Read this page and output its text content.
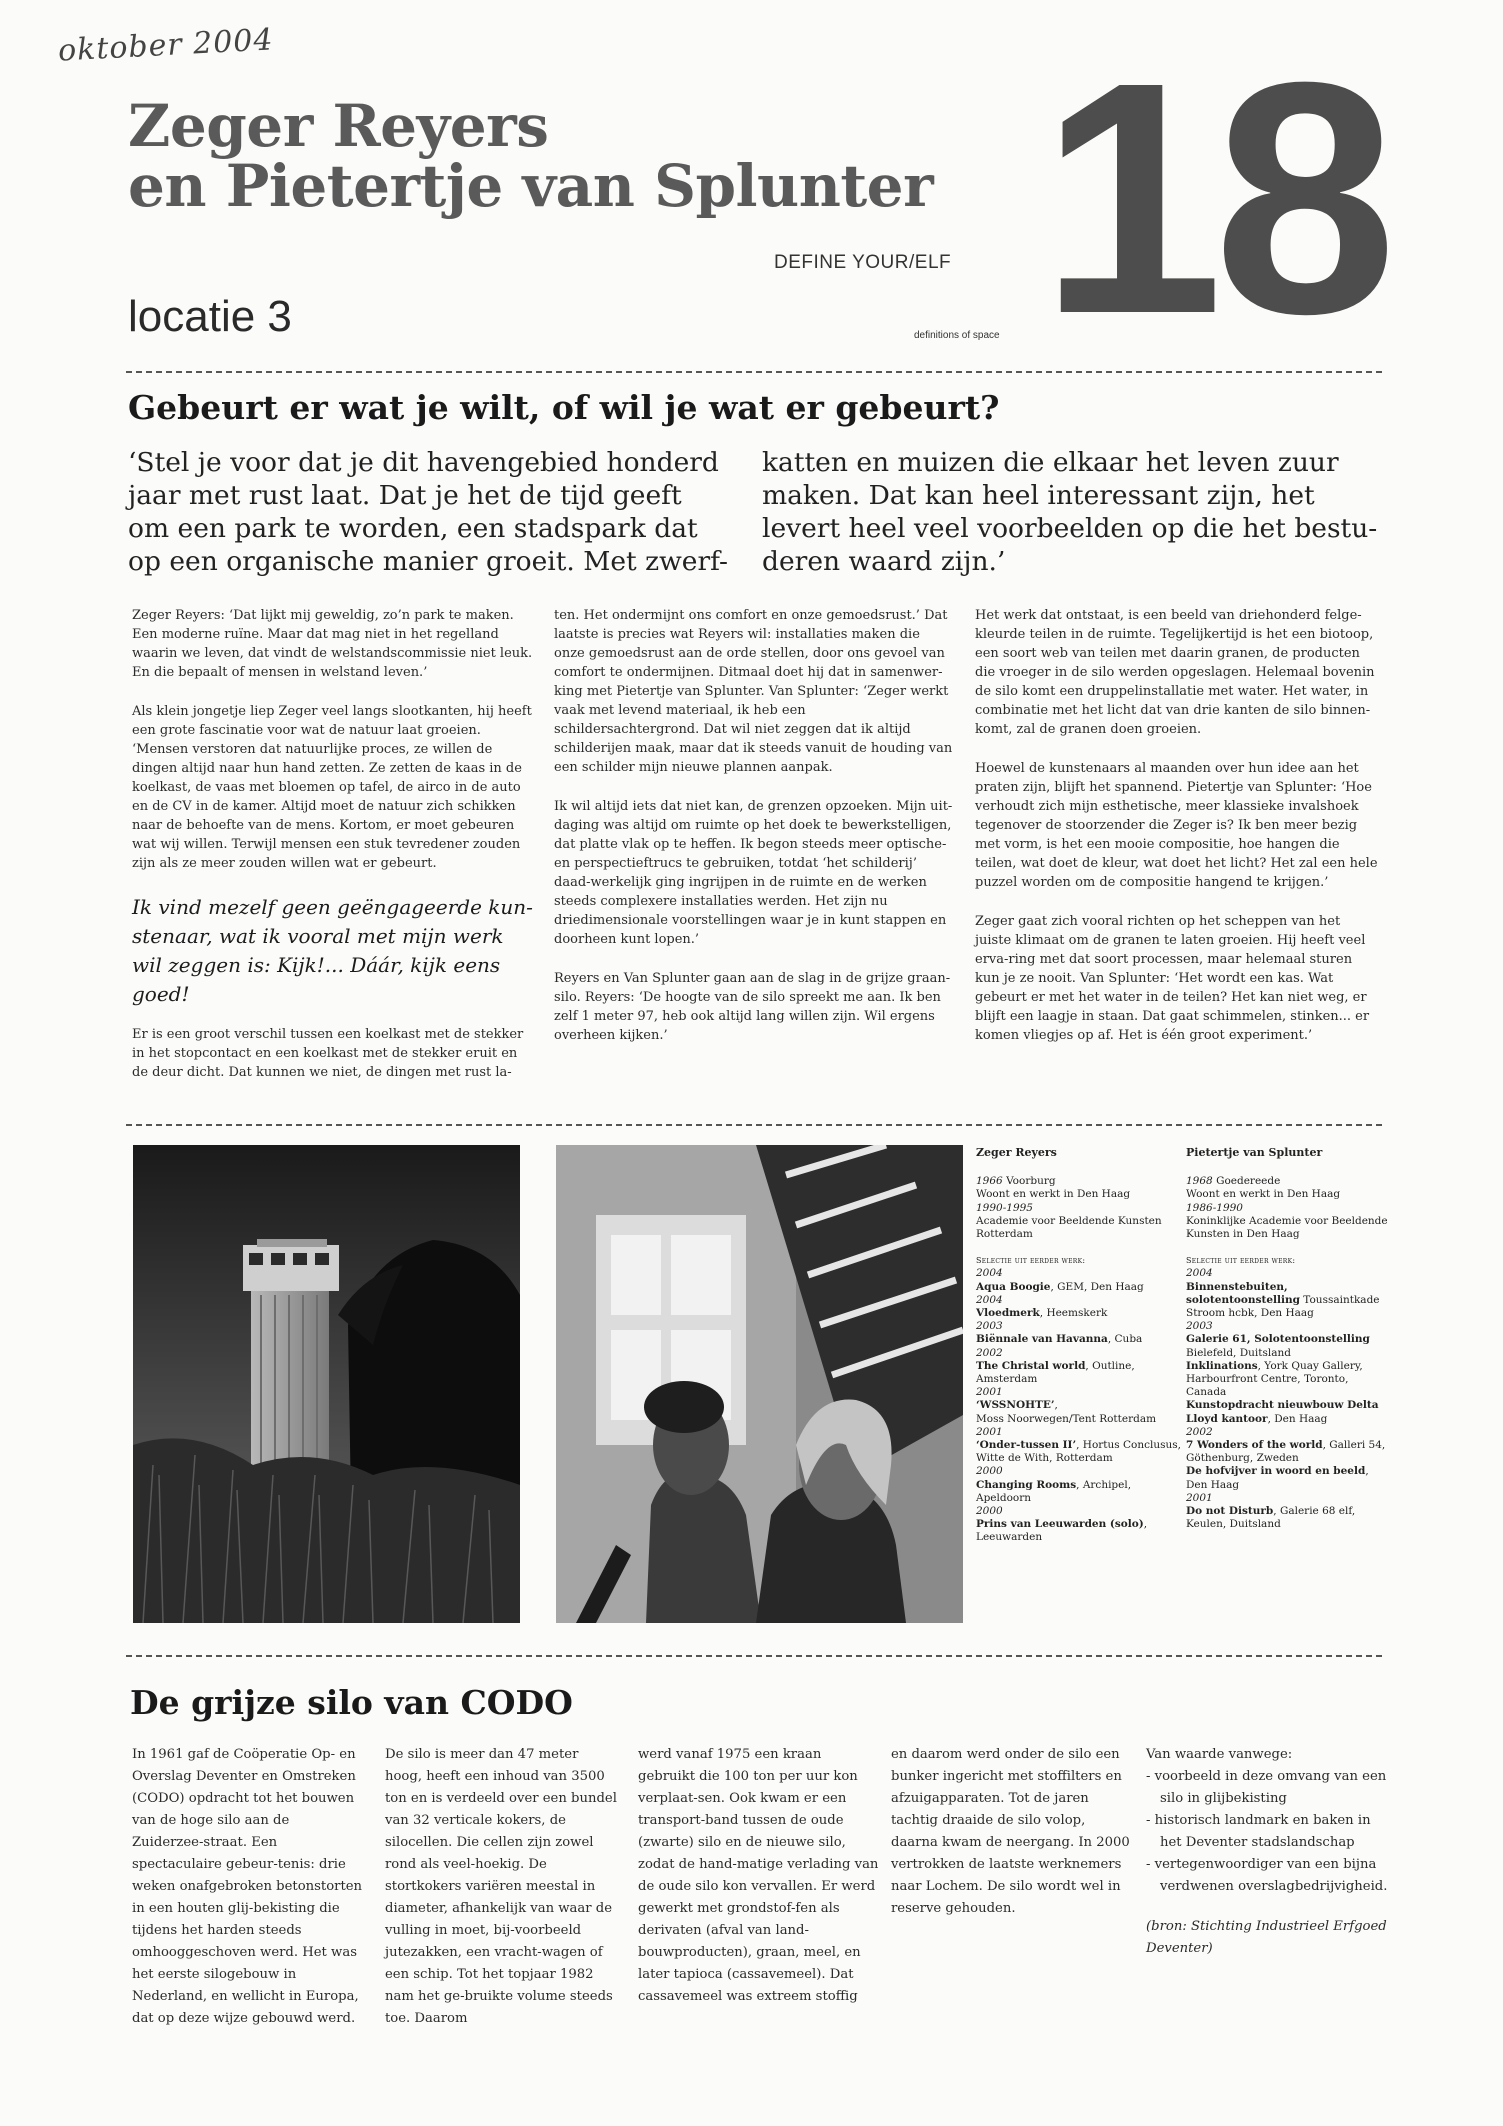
oktober 2004
Zeger Reyers
en Pietertje van Splunter 18
DEFINE YOUR/ELF
locatie 3	definitions of space
Gebeurt er wat je wilt, of wil je wat er gebeurt?
‘Stel je voor dat je dit havengebied honderd jaar met rust laat. Dat je het de tijd geeft om een park te worden, een stadspark dat op een organische manier groeit. Met zwerf-
katten en muizen die elkaar het leven zuur maken. Dat kan heel interessant zijn, het levert heel veel voorbeelden op die het bestu-deren waard zijn.’

Zeger Reyers: ‘Dat lijkt mij geweldig, zo’n park te maken. Een moderne ruïne. Maar dat mag niet in het regelland waarin we leven, dat vindt de welstandscommissie niet leuk. En die bepaalt of mensen in welstand leven.’

Als klein jongetje liep Zeger veel langs slootkanten, hij heeft een grote fascinatie voor wat de natuur laat groeien. ‘Mensen verstoren dat natuurlijke proces, ze willen de dingen altijd naar hun hand zetten. Ze zetten de kaas in de koelkast, de vaas met bloemen op tafel, de airco in de auto en de CV in de kamer. Altijd moet de natuur zich schikken naar de behoefte van de mens. Kortom, er moet gebeuren wat wij willen. Terwijl mensen een stuk tevredener zouden zijn als ze meer zouden willen wat er gebeurt.

Ik vind mezelf geen geëngageerde kun-stenaar, wat ik vooral met mijn werk wil zeggen is: Kijk!... Dáár, kijk eens goed!

Er is een groot verschil tussen een koelkast met de stekker in het stopcontact en een koelkast met de stekker eruit en de deur dicht. Dat kunnen we niet, de dingen met rust la-

ten. Het ondermijnt ons comfort en onze gemoedsrust.’ Dat laatste is precies wat Reyers wil: installaties maken die onze gemoedsrust aan de orde stellen, door ons gevoel van comfort te ondermijnen. Ditmaal doet hij dat in samenwer-king met Pietertje van Splunter. Van Splunter: ‘Zeger werkt vaak met levend materiaal, ik heb een schildersachtergrond. Dat wil niet zeggen dat ik altijd schilderijen maak, maar dat ik steeds vanuit de houding van een schilder mijn nieuwe plannen aanpak.

Ik wil altijd iets dat niet kan, de grenzen opzoeken. Mijn uit-daging was altijd om ruimte op het doek te bewerkstelligen, dat platte vlak op te heffen. Ik begon steeds meer optische-en perspectieftrucs te gebruiken, totdat ‘het schilderij’ daad-werkelijk ging ingrijpen in de ruimte en de werken steeds complexere installaties werden. Het zijn nu driedimensionale voorstellingen waar je in kunt stappen en doorheen kunt lopen.’

Reyers en Van Splunter gaan aan de slag in de grijze graan-silo. Reyers: ‘De hoogte van de silo spreekt me aan. Ik ben zelf 1 meter 97, heb ook altijd lang willen zijn. Wil ergens overheen kijken.’

Het werk dat ontstaat, is een beeld van driehonderd felge-kleurde teilen in de ruimte. Tegelijkertijd is het een biotoop, een soort web van teilen met daarin granen, de producten die vroeger in de silo werden opgeslagen. Helemaal bovenin de silo komt een druppelinstallatie met water. Het water, in combinatie met het licht dat van drie kanten de silo binnen-komt, zal de granen doen groeien.

Hoewel de kunstenaars al maanden over hun idee aan het praten zijn, blijft het spannend. Pietertje van Splunter: ‘Hoe verhoudt zich mijn esthetische, meer klassieke invalshoek tegenover de stoorzender die Zeger is? Ik ben meer bezig met vorm, is het een mooie compositie, hoe hangen die teilen, wat doet de kleur, wat doet het licht? Het zal een hele puzzel worden om de compositie hangend te krijgen.’

Zeger gaat zich vooral richten op het scheppen van het juiste klimaat om de granen te laten groeien. Hij heeft veel erva-ring met dat soort processen, maar helemaal sturen kun je ze nooit. Van Splunter: ‘Het wordt een kas. Wat gebeurt er met het water in de teilen? Het kan niet weg, er blijft een laagje in staan. Dat gaat schimmelen, stinken... er komen vliegjes op af. Het is één groot experiment.’

Zeger Reyers
1966 Voorburg
Woont en werkt in Den Haag
1990-1995
Academie voor Beeldende Kunsten Rotterdam
Selectie uit eerder werk:
2004
Aqua Boogie, GEM, Den Haag
2004
Vloedmerk, Heemskerk
2003
Biënnale van Havanna, Cuba
2002
The Christal world, Outline, Amsterdam
2001
‘WSSNOHTE’,
Moss Noorwegen/Tent Rotterdam
2001
‘Onder-tussen II’, Hortus Conclusus, Witte de With, Rotterdam
2000
Changing Rooms, Archipel, Apeldoorn
2000
Prins van Leeuwarden (solo), Leeuwarden
Pietertje van Splunter
1968 Goedereede
Woont en werkt in Den Haag
1986-1990
Koninklijke Academie voor Beeldende Kunsten in Den Haag
Selectie uit eerder werk:
2004
Binnenstebuiten, solotentoonstelling Toussaintkade Stroom hcbk, Den Haag
2003
Galerie 61, Solotentoonstelling Bielefeld, Duitsland
Inklinations, York Quay Gallery, Harbourfront Centre, Toronto, Canada
Kunstopdracht nieuwbouw Delta Lloyd kantoor, Den Haag
2002
7 Wonders of the world, Galleri 54, Göthenburg, Zweden
De hofvijver in woord en beeld, Den Haag
2001
Do not Disturb, Galerie 68 elf, Keulen, Duitsland
De grijze silo van CODO

In 1961 gaf de Coöperatie Op- en Overslag Deventer en Omstreken (CODO) opdracht tot het bouwen van de hoge silo aan de Zuiderzee-straat. Een spectaculaire gebeur-tenis: drie weken onafgebroken betonstorten in een houten glij-bekisting die tijdens het harden steeds omhooggeschoven werd. Het was het eerste silogebouw in Nederland, en wellicht in Europa, dat op deze wijze gebouwd werd.

De silo is meer dan 47 meter hoog, heeft een inhoud van 3500 ton en is verdeeld over een bundel van 32 verticale kokers, de silocellen. Die cellen zijn zowel rond als veel-hoekig. De stortkokers variëren meestal in diameter, afhankelijk van waar de vulling in moet, bij-voorbeeld jutezakken, een vracht-wagen of een schip. Tot het topjaar 1982 nam het ge-bruikte volume steeds toe. Daarom

werd vanaf 1975 een kraan gebruikt die 100 ton per uur kon verplaat-sen. Ook kwam er een transport-band tussen de oude (zwarte) silo en de nieuwe silo, zodat de hand-matige verlading van de oude silo kon vervallen. Er werd gewerkt met grondstof-fen als derivaten (afval van land-bouwproducten), graan, meel, en later tapioca (cassavemeel). Dat cassavemeel was extreem stoffig

en daarom werd onder de silo een bunker ingericht met stoffilters en afzuigapparaten. Tot de jaren tachtig draaide de silo volop, daarna kwam de neergang. In 2000 vertrokken de laatste werknemers naar Lochem. De silo wordt wel in reserve gehouden.

Van waarde vanwege:

- voorbeeld in deze omvang van een silo in glijbekisting
- historisch landmark en baken in het Deventer stadslandschap
- vertegenwoordiger van een bijna verdwenen overslagbedrijvigheid.

(bron: Stichting Industrieel Erfgoed Deventer)
